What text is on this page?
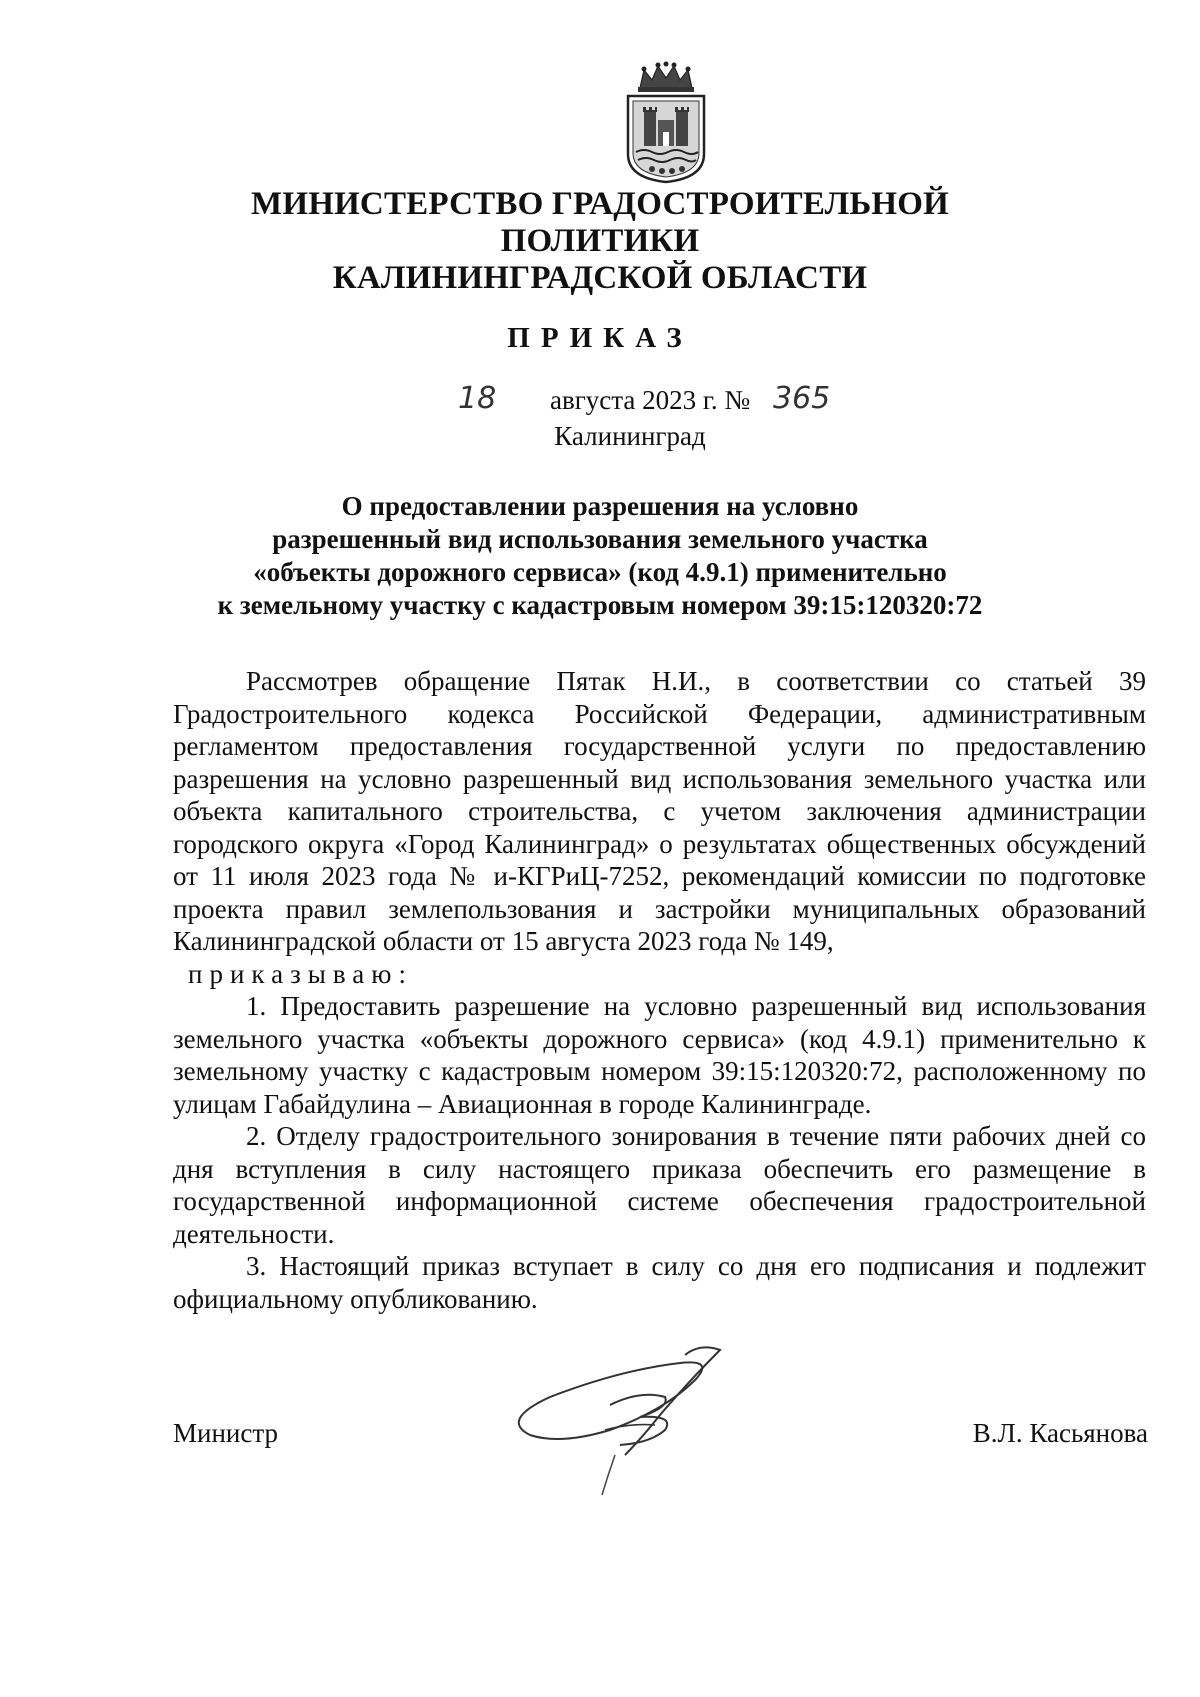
МИНИСТЕРСТВО ГРАДОСТРОИТЕЛЬНОЙ ПОЛИТИКИ
КАЛИНИНГРАДСКОЙ ОБЛАСТИ
ПРИКАЗ
18 августа 2023 г. № 365
Калининград
О предоставлении разрешения на условно
разрешенный вид использования земельного участка
«объекты дорожного сервиса» (код 4.9.1) применительно
к земельному участку с кадастровым номером 39:15:120320:72

Рассмотрев обращение Пятак Н.И., в соответствии со статьей 39 Градостроительного кодекса Российской Федерации, административным регламентом предоставления государственной услуги по предоставлению разрешения на условно разрешенный вид использования земельного участка или объекта капитального строительства, с учетом заключения администрации городского округа «Город Калининград» о результатах общественных обсуждений от 11 июля 2023 года № и-КГРиЦ-7252, рекомендаций комиссии по подготовке проекта правил землепользования и застройки муниципальных образований Калининградской области от 15 августа 2023 года № 149,

приказываю:

1. Предоставить разрешение на условно разрешенный вид использования земельного участка «объекты дорожного сервиса» (код 4.9.1) применительно к земельному участку с кадастровым номером 39:15:120320:72, расположенному по улицам Габайдулина – Авиационная в городе Калининграде.

2. Отделу градостроительного зонирования в течение пяти рабочих дней со дня вступления в силу настоящего приказа обеспечить его размещение в государственной информационной системе обеспечения градостроительной деятельности.

3. Настоящий приказ вступает в силу со дня его подписания и подлежит официальному опубликованию.

Министр	В.Л. Касьянова
